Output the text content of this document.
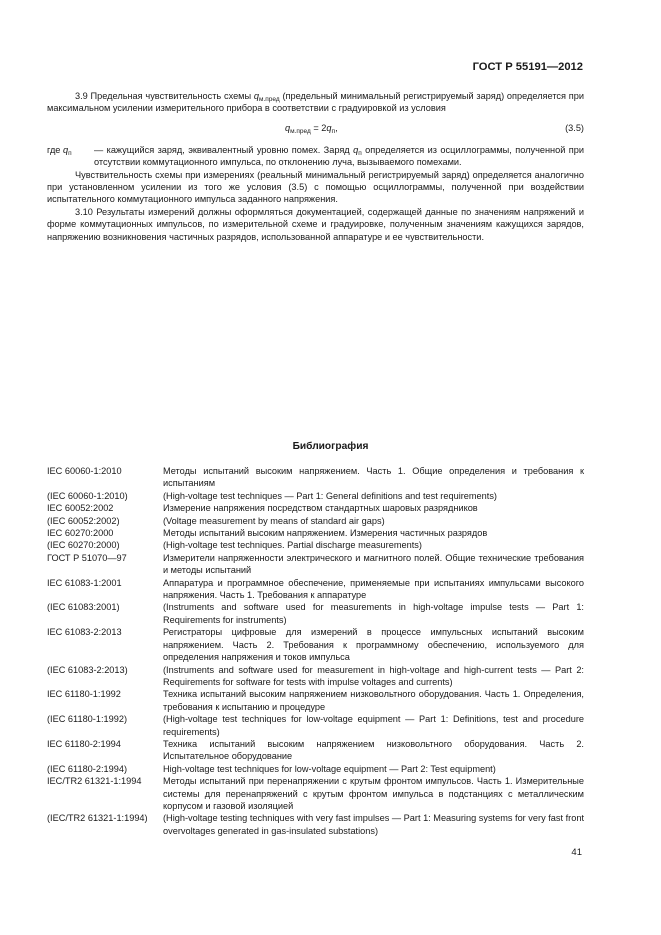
ГОСТ Р 55191—2012

3.9 Предельная чувствительность схемы $q_{м.пред}$ (предельный минимальный регистрируемый заряд) определяется при максимальном усилении измерительного прибора в соответствии с градуировкой из условия

$q_{м.пред} = 2q_п$,	(3.5)
где $q_п$	— кажущийся заряд, эквивалентный уровню помех. Заряд $q_п$ определяется из осциллограммы, полученной при отсутствии коммутационного импульса, по отклонению луча, вызываемого помехами.

Чувствительность схемы при измерениях (реальный минимальный регистрируемый заряд) определяется аналогично при установленном усилении из того же условия (3.5) с помощью осциллограммы, полученной при воздействии испытательного коммутационного импульса заданного напряжения.

3.10 Результаты измерений должны оформляться документацией, содержащей данные по значениям напряжений и форме коммутационных импульсов, по измерительной схеме и градуировке, полученным значениям кажущихся зарядов, напряжению возникновения частичных разрядов, использованной аппаратуре и ее чувствительности.

Библиография
IEC 60060-1:2010	Методы испытаний высоким напряжением. Часть 1. Общие определения и требования к испытаниям
(IEC 60060-1:2010)	(High-voltage test techniques — Part 1: General definitions and test requirements)
IEC 60052:2002	Измерение напряжения посредством стандартных шаровых разрядников
(IEC 60052:2002)	(Voltage measurement by means of standard air gaps)
IEC 60270:2000	Методы испытаний высоким напряжением. Измерения частичных разрядов
(IEC 60270:2000)	(High-voltage test techniques. Partial discharge measurements)
ГОСТ Р 51070—97	Измерители напряженности электрического и магнитного полей. Общие технические требования и методы испытаний
IEC 61083-1:2001	Аппаратура и программное обеспечение, применяемые при испытаниях импульсами высокого напряжения. Часть 1. Требования к аппаратуре
(IEC 61083:2001)	(Instruments and software used for measurements in high-voltage impulse tests — Part 1: Requirements for instruments)
IEC 61083-2:2013	Регистраторы цифровые для измерений в процессе импульсных испытаний высоким напряжением. Часть 2. Требования к программному обеспечению, используемого для определения напряжения и токов импульса
(IEC 61083-2:2013)	(Instruments and software used for measurement in high-voltage and high-current tests — Part 2: Requirements for software for tests with impulse voltages and currents)
IEC 61180-1:1992	Техника испытаний высоким напряжением низковольтного оборудования. Часть 1. Определения, требования к испытанию и процедуре
(IEC 61180-1:1992)	(High-voltage test techniques for low-voltage equipment — Part 1: Definitions, test and procedure requirements)
IEC 61180-2:1994	Техника испытаний высоким напряжением низковольтного оборудования. Часть 2. Испытательное оборудование
(IEC 61180-2:1994)	High-voltage test techniques for low-voltage equipment — Part 2: Test equipment)
IEC/TR2 61321-1:1994	Методы испытаний при перенапряжении с крутым фронтом импульсов. Часть 1. Измерительные системы для перенапряжений с крутым фронтом импульса в подстанциях с металлическим корпусом и газовой изоляцией
(IEC/TR2 61321-1:1994)	(High-voltage testing techniques with very fast impulses — Part 1: Measuring systems for very fast front overvoltages generated in gas-insulated substations)
41
